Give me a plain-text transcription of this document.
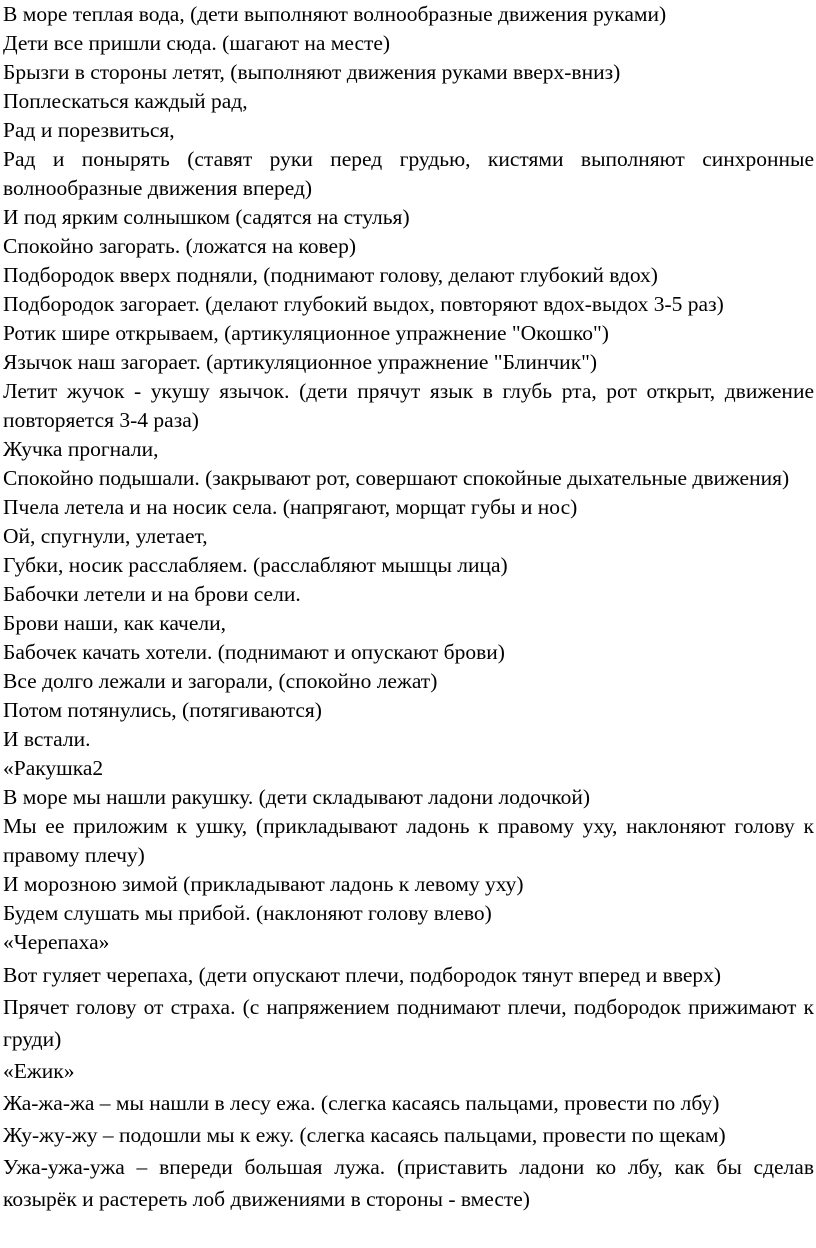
В море теплая вода, (дети выполняют волнообразные движения руками)
Дети все пришли сюда. (шагают на месте)
Брызги в стороны летят, (выполняют движения руками вверх-вниз)
Поплескаться каждый рад,
Рад и порезвиться,
Рад и понырять (ставят руки перед грудью, кистями выполняют синхронные волнообразные движения вперед)
И под ярким солнышком (садятся на стулья)
Спокойно загорать. (ложатся на ковер)
Подбородок вверх подняли, (поднимают голову, делают глубокий вдох)
Подбородок загорает. (делают глубокий выдох, повторяют вдох-выдох 3-5 раз)
Ротик шире открываем, (артикуляционное упражнение "Окошко")
Язычок наш загорает. (артикуляционное упражнение "Блинчик")
Летит жучок - укушу язычок. (дети прячут язык в глубь рта, рот открыт, движение повторяется 3-4 раза)
Жучка прогнали,
Спокойно подышали. (закрывают рот, совершают спокойные дыхательные движения)
Пчела летела и на носик села. (напрягают, морщат губы и нос)
Ой, спугнули, улетает,
Губки, носик расслабляем. (расслабляют мышцы лица)
Бабочки летели и на брови сели.
Брови наши, как качели,
Бабочек качать хотели. (поднимают и опускают брови)
Все долго лежали и загорали, (спокойно лежат)
Потом потянулись, (потягиваются)
И встали.
«Ракушка2
В море мы нашли ракушку. (дети складывают ладони лодочкой)
Мы ее приложим к ушку, (прикладывают ладонь к правому уху, наклоняют голову к правому плечу)
И морозною зимой (прикладывают ладонь к левому уху)
Будем слушать мы прибой. (наклоняют голову влево)
«Черепаха»
Вот гуляет черепаха, (дети опускают плечи, подбородок тянут вперед и вверх)
Прячет голову от страха. (с напряжением поднимают плечи, подбородок прижимают к груди)
«Ежик»
Жа-жа-жа – мы нашли в лесу ежа. (слегка касаясь пальцами, провести по лбу)
Жу-жу-жу – подошли мы к ежу. (слегка касаясь пальцами, провести по щекам)
Ужа-ужа-ужа – впереди большая лужа. (приставить ладони ко лбу, как бы сделав козырёк и растереть лоб движениями в стороны - вместе)
